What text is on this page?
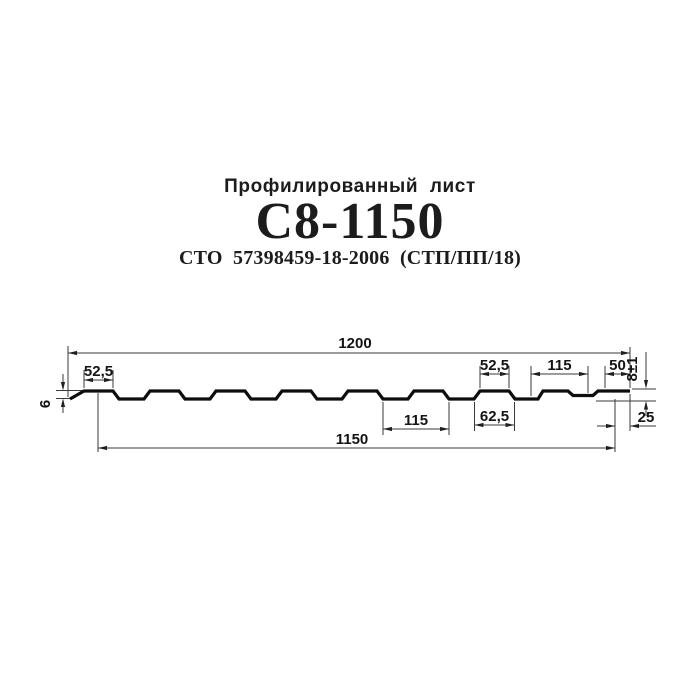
Профилированный  лист
С8-1150
СТО  57398459-18-2006  (СТП/ПП/18)
1200
52,5	52,5	115	50
62,5
115
1150
25
6
8±1
